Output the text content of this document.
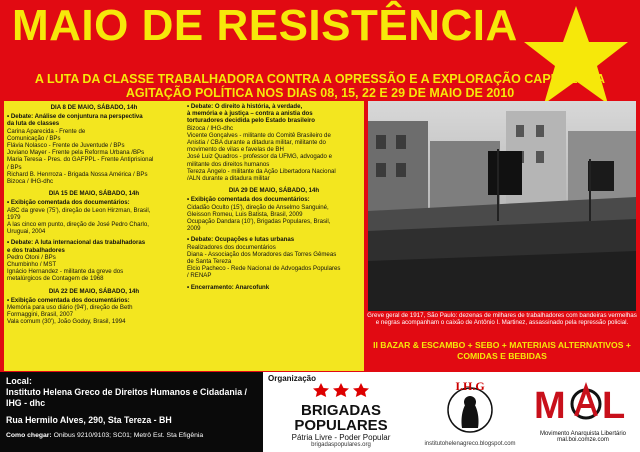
MAIO DE RESISTÊNCIA
A LUTA DA CLASSE TRABALHADORA CONTRA A OPRESSÃO E A EXPLORAÇÃO CAPITALISTA
AGITAÇÃO POLÍTICA NOS DIAS 08, 15, 22 E 29 DE MAIO DE 2010
DIA 8 DE MAIO, SÁBADO, 14h
• Debate: Análise de conjuntura na perspectiva
da luta de classes
Carina Aparecida - Frente de
Comunicação / BPs
Flávia Nolasco - Frente de Juventude / BPs
Joviano Mayer - Frente pela Reforma Urbana /BPs
Maria Teresa - Pres. do GAFPPL - Frente Antiprisional
/ BPs
Richard B. Henrroza - Brigada Nossa América / BPs
Bizoca / IHG-dhc
DIA 15 DE MAIO, SÁBADO, 14h
• Exibição comentada dos documentários:
ABC da greve (75'), direção de Leon Hirzman, Brasil,
1979
A las cinco em punto, direção de José Pedro Charlo,
Uruguai, 2004
• Debate: A luta internacional das trabalhadoras
e dos trabalhadores
Pedro Otoni / BPs
Chumbinho / MST
Ignácio Hernandez - militante da greve dos
metalúrgicos de Contagem de 1968
DIA 22 DE MAIO, SÁBADO, 14h
• Exibição comentada dos documentários:
Memória para uso diário (94'), direção de Beth
Formaggini, Brasil, 2007
Vala comum (30'), João Godoy, Brasil, 1994
• Debate: O direito à história, à verdade,
à memória e à justiça – contra a anistia dos
torturadores decidida pelo Estado brasileiro
Bizoca / IHG-dhc
Vicente Gonçalves - militante do Comitê Brasileiro de
Anistia / CBA durante a ditadura militar, militante do
movimento de vilas e favelas de BH
José Luiz Quadros - professor da UFMG, advogado e
militante dos direitos humanos
Tereza Ângelo - militante da Ação Libertadora Nacional
/ALN durante a ditadura militar
DIA 29 DE MAIO, SÁBADO, 14h
• Exibição comentada dos documentários:
Cidadão Oculto (15'), direção de Anselmo Sanguiné,
Gleisson Romeu, Luis Batista, Brasil, 2009
Ocupação Dandara (10'), Brigadas Populares, Brasil,
2009
• Debate: Ocupações e lutas urbanas
Realizadores dos documentários
Diana - Associação dos Moradores das Torres Gêmeas
de Santa Tereza
Élcio Pacheco - Rede Nacional de Advogados Populares
/ RENAP
• Encerramento: Anarcofunk
Greve geral de 1917, São Paulo: dezenas de milhares de trabalhadores com bandeiras vermelhas e negras acompanham o caixão de Antônio I. Martinez, assassinado pela repressão policial.
II BAZAR & ESCAMBO + SEBO + MATERIAIS ALTERNATIVOS + COMIDAS E BEBIDAS
Local:
Instituto Helena Greco de Direitos Humanos e Cidadania / IHG - dhc
Rua Hermilo Alves, 290, Sta Tereza - BH
Como chegar: Onibus 9210/9103; SC01; Metrô Est. Sta Efigênia
Organização
BRIGADAS
POPULARES
Pátria Livre - Poder Popular
brigadaspopulares.org
I.H.G
institutohelenagreco.blogspot.com
M L
Movimento Anarquista Libertário
mal.boi.comze.com
